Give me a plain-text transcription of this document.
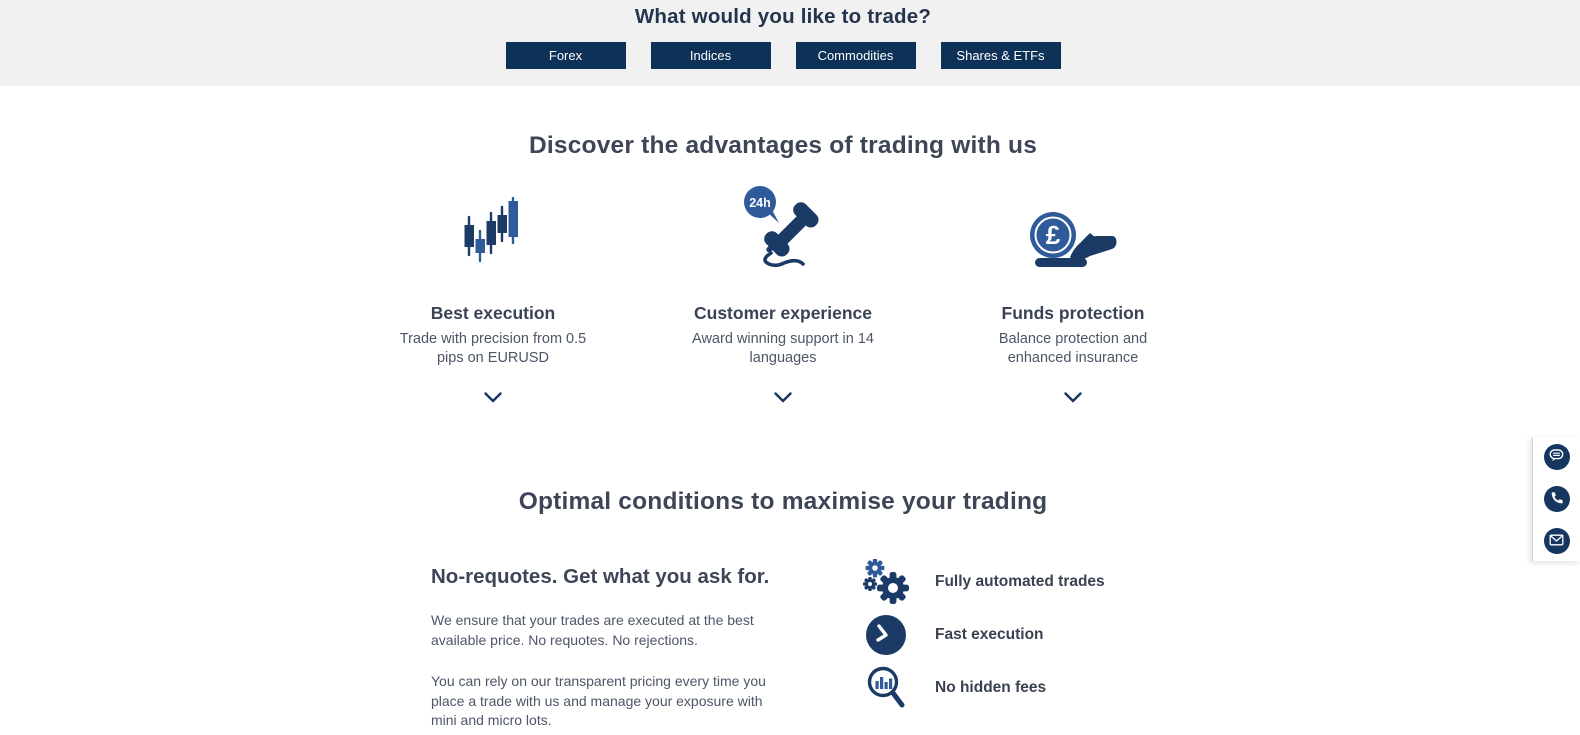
What would you like to trade?
Forex	Indices	Commodities	Shares & ETFs
Discover the advantages of trading with us
Best execution
Trade with precision from 0.5 pips on EURUSD
24h
Customer experience
Award winning support in 14 languages
£
Funds protection
Balance protection and enhanced insurance
Optimal conditions to maximise your trading
No-requotes. Get what you ask for.

We ensure that your trades are executed at the best available price. No requotes. No rejections.

You can rely on our transparent pricing every time you place a trade with us and manage your exposure with mini and micro lots.

Fully automated trades
Fast execution
No hidden fees
